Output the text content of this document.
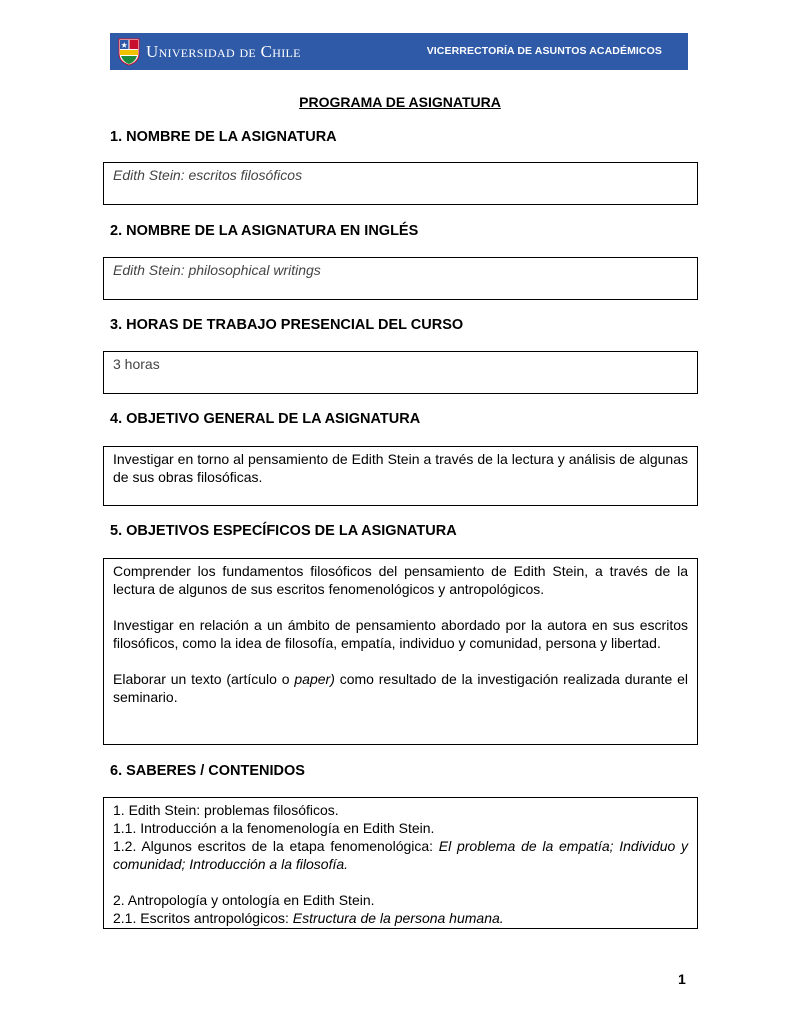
Universidad de Chile	VICERRECTORÍA DE ASUNTOS ACADÉMICOS
PROGRAMA DE ASIGNATURA
1. NOMBRE DE LA ASIGNATURA

Edith Stein: escritos filosóficos

2. NOMBRE DE LA ASIGNATURA EN INGLÉS

Edith Stein: philosophical writings

3. HORAS DE TRABAJO PRESENCIAL DEL CURSO

3 horas

4. OBJETIVO GENERAL DE LA ASIGNATURA

Investigar en torno al pensamiento de Edith Stein a través de la lectura y análisis de algunas de sus obras filosóficas.

5. OBJETIVOS ESPECÍFICOS DE LA ASIGNATURA

Comprender los fundamentos filosóficos del pensamiento de Edith Stein, a través de la lectura de algunos de sus escritos fenomenológicos y antropológicos.

Investigar en relación a un ámbito de pensamiento abordado por la autora en sus escritos filosóficos, como la idea de filosofía, empatía, individuo y comunidad, persona y libertad.

Elaborar un texto (artículo o paper) como resultado de la investigación realizada durante el seminario.

6. SABERES / CONTENIDOS

1. Edith Stein: problemas filosóficos.

1.1. Introducción a la fenomenología en Edith Stein.

1.2. Algunos escritos de la etapa fenomenológica: El problema de la empatía; Individuo y comunidad; Introducción a la filosofía.

2. Antropología y ontología en Edith Stein.

2.1. Escritos antropológicos: Estructura de la persona humana.

1
